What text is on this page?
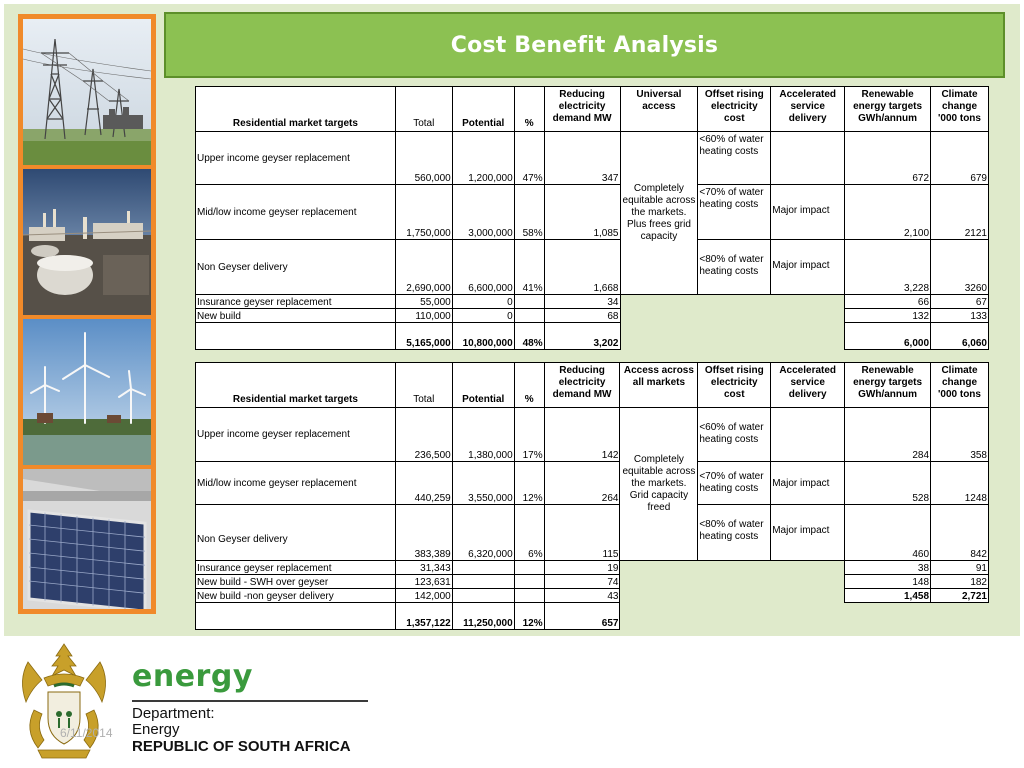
Cost Benefit Analysis
Residential market targets	Total	Potential	%	Reducing electricity demand MW	Universal access	Offset rising electricity cost	Accelerated service delivery	Renewable energy targets GWh/annum	Climate change '000 tons
Upper income geyser replacement	560,000	1,200,000	47%	347	Completely equitable across the markets. Plus frees grid capacity	<60% of water heating costs		672	679
Mid/low income geyser replacement	1,750,000	3,000,000	58%	1,085		<70% of water heating costs	Major impact	2,100	2121
Non Geyser delivery	2,690,000	6,600,000	41%	1,668		<80% of water heating costs	Major impact	3,228	3260
Insurance geyser replacement	55,000	0		34				66	67
New build	110,000	0		68				132	133
	5,165,000	10,800,000	48%	3,202				6,000	6,060
Residential market targets	Total	Potential	%	Reducing electricity demand MW	Access across all markets	Offset rising electricity cost	Accelerated service delivery	Renewable energy targets GWh/annum	Climate change '000 tons
Upper income geyser replacement	236,500	1,380,000	17%	142	Completely equitable across the markets. Grid capacity freed	<60% of water heating costs		284	358
Mid/low income geyser replacement	440,259	3,550,000	12%	264		<70% of water heating costs	Major impact	528	1248
Non Geyser delivery	383,389	6,320,000	6%	115		<80% of water heating costs	Major impact	460	842
Insurance geyser replacement	31,343			19				38	91
New build - SWH over geyser	123,631			74				148	182
New build -non geyser delivery	142,000			43				1,458	2,721
	1,357,122	11,250,000	12%	657					
energy
Department:
Energy
REPUBLIC OF SOUTH AFRICA
6/11/2014
